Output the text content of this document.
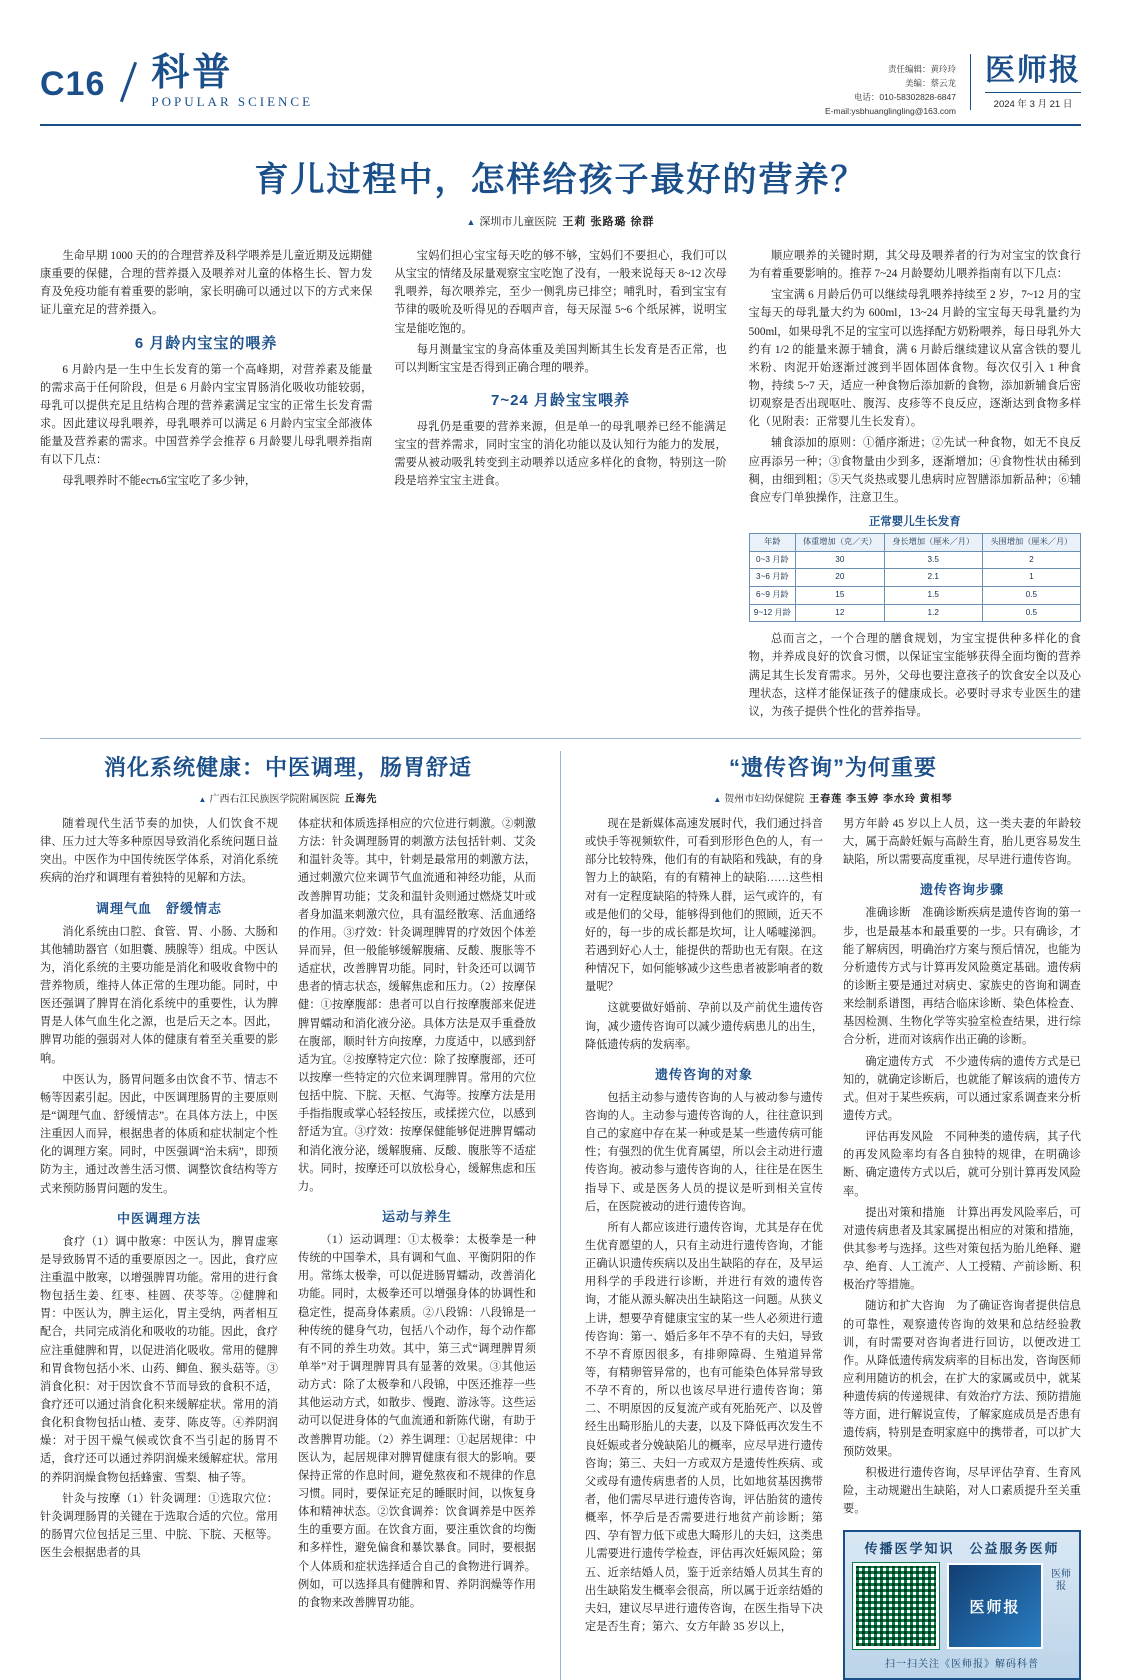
C16 科普
POPULAR SCIENCE
责任编辑：黄玲玲
美编：蔡云龙
电话：010-58302828-6847
E-mail:ysbhuanglingling@163.com
医师报
2024 年 3 月 21 日
育儿过程中，怎样给孩子最好的营养？
▲ 深圳市儿童医院 王莉 张路璐 徐群

生命早期 1000 天的的合理营养及科学喂养是儿童近期及远期健康重要的保健，合理的营养摄入及喂养对儿童的体格生长、智力发育及免疫功能有着重要的影响，家长明确可以通过以下的方式来保证儿童充足的营养摄入。

6 月龄内宝宝的喂养

6 月龄内是一生中生长发育的第一个高峰期，对营养素及能量的需求高于任何阶段，但是 6 月龄内宝宝胃肠消化吸收功能较弱，母乳可以提供充足且结构合理的营养素满足宝宝的正常生长发育需求。因此建议母乳喂养，母乳喂养可以满足 6 月龄内宝宝全部液体能量及营养素的需求。中国营养学会推荐 6 月龄婴儿母乳喂养指南有以下几点：

母乳喂养时不能естьб宝宝吃了多少钟，

宝妈们担心宝宝每天吃的够不够，宝妈们不要担心，我们可以从宝宝的情绪及尿量观察宝宝吃饱了没有，一般来说每天 8~12 次母乳喂养，每次喂养完，至少一侧乳房已排空；哺乳时，看到宝宝有节律的吸吮及听得见的吞咽声音，每天尿湿 5~6 个纸尿裤，说明宝宝是能吃饱的。

每月测量宝宝的身高体重及美国判断其生长发育是否正常，也可以判断宝宝是否得到正确合理的喂养。

7~24 月龄宝宝喂养

母乳仍是重要的营养来源，但是单一的母乳喂养已经不能满足宝宝的营养需求，同时宝宝的消化功能以及认知行为能力的发展，需要从被动吸乳转变到主动喂养以适应多样化的食物，特别这一阶段是培养宝宝主进食。

顺应喂养的关键时期，其父母及喂养者的行为对宝宝的饮食行为有着重要影响的。推荐 7~24 月龄婴幼儿喂养指南有以下几点：

宝宝满 6 月龄后仍可以继续母乳喂养持续至 2 岁，7~12 月的宝宝每天的母乳量大约为 600ml，13~24 月龄的宝宝每天母乳量约为 500ml，如果母乳不足的宝宝可以选择配方奶粉喂养，每日母乳外大约有 1/2 的能量来源于辅食，满 6 月龄后继续建议从富含铁的婴儿米粉、肉泥开始逐渐过渡到半固体固体食物。每次仅引入 1 种食物，持续 5~7 天，适应一种食物后添加新的食物，添加新辅食后密切观察是否出现呕吐、腹泻、皮疹等不良反应，逐渐达到食物多样化（见附表：正常婴儿生长发育）。

辅食添加的原则：①循序渐进；②先试一种食物，如无不良反应再添另一种；③食物量由少到多，逐渐增加；④食物性状由稀到稠，由细到粗；⑤天气炎热或婴儿患病时应智膳添加新品种；⑥辅食应专门单独操作，注意卫生。

正常婴儿生长发育
年龄	体重增加（克／天）	身长增加（厘米／月）	头围增加（厘米／月）
0~3 月龄	30	3.5	2
3~6 月龄	20	2.1	1
6~9 月龄	15	1.5	0.5
9~12 月龄	12	1.2	0.5

总而言之，一个合理的膳食规划，为宝宝提供种多样化的食物，并养成良好的饮食习惯，以保证宝宝能够获得全面均衡的营养满足其生长发育需求。另外，父母也要注意孩子的饮食安全以及心理状态，这样才能保证孩子的健康成长。必要时寻求专业医生的建议，为孩子提供个性化的营养指导。

消化系统健康：中医调理，肠胃舒适
▲ 广西右江民族医学院附属医院 丘海先

随着现代生活节奏的加快，人们饮食不规律、压力过大等多种原因导致消化系统问题日益突出。中医作为中国传统医学体系，对消化系统疾病的治疗和调理有着独特的见解和方法。

调理气血　舒缓情志

消化系统由口腔、食管、胃、小肠、大肠和其他辅助器官（如胆囊、胰腺等）组成。中医认为，消化系统的主要功能是消化和吸收食物中的营养物质，维持人体正常的生理功能。同时，中医还强调了脾胃在消化系统中的重要性，认为脾胃是人体气血生化之源，也是后天之本。因此，脾胃功能的强弱对人体的健康有着至关重要的影响。

中医认为，肠胃问题多由饮食不节、情志不畅等因素引起。因此，中医调理肠胃的主要原则是“调理气血、舒缓情志”。在具体方法上，中医注重因人而异，根据患者的体质和症状制定个性化的调理方案。同时，中医强调“治未病”，即预防为主，通过改善生活习惯、调整饮食结构等方式来预防肠胃问题的发生。

中医调理方法

食疗（1）调中散寒：中医认为，脾胃虚寒是导致肠胃不适的重要原因之一。因此，食疗应注重温中散寒，以增强脾胃功能。常用的进行食物包括生姜、红枣、桂圆、茯苓等。②健脾和胃：中医认为，脾主运化，胃主受纳，两者相互配合，共同完成消化和吸收的功能。因此，食疗应注重健脾和胃，以促进消化吸收。常用的健脾和胃食物包括小米、山药、鲫鱼、猴头菇等。③消食化积：对于因饮食不节而导致的食积不适，食疗还可以通过消食化积来缓解症状。常用的消食化积食物包括山楂、麦芽、陈皮等。④养阴润燥：对于因干燥气候或饮食不当引起的肠胃不适，食疗还可以通过养阴润燥来缓解症状。常用的养阴润燥食物包括蜂蜜、雪梨、柚子等。

针灸与按摩（1）针灸调理：①选取穴位：针灸调理肠胃的关键在于选取合适的穴位。常用的肠胃穴位包括足三里、中脘、下脘、天枢等。医生会根据患者的具

体症状和体质选择相应的穴位进行刺激。②刺激方法：针灸调理肠胃的刺激方法包括针刺、艾灸和温针灸等。其中，针刺是最常用的刺激方法，通过刺激穴位来调节气血流通和神经功能，从而改善脾胃功能；艾灸和温针灸则通过燃烧艾叶或者身加温来刺激穴位，具有温经散寒、活血通络的作用。③疗效：针灸调理脾胃的疗效因个体差异而异，但一般能够缓解腹痛、反酸、腹胀等不适症状，改善脾胃功能。同时，针灸还可以调节患者的情志状态，缓解焦虑和压力。（2）按摩保健：①按摩腹部：患者可以自行按摩腹部来促进脾胃蠕动和消化液分泌。具体方法是双手重叠放在腹部，顺时针方向按摩，力度适中，以感到舒适为宜。②按摩特定穴位：除了按摩腹部，还可以按摩一些特定的穴位来调理脾胃。常用的穴位包括中脘、下脘、天枢、气海等。按摩方法是用手指指腹或掌心轻轻按压，或揉搓穴位，以感到舒适为宜。③疗效：按摩保健能够促进脾胃蠕动和消化液分泌，缓解腹痛、反酸、腹胀等不适症状。同时，按摩还可以放松身心，缓解焦虑和压力。

运动与养生

（1）运动调理：①太极拳：太极拳是一种传统的中国拳术，具有调和气血、平衡阴阳的作用。常练太极拳，可以促进肠胃蠕动，改善消化功能。同时，太极拳还可以增强身体的协调性和稳定性，提高身体素质。②八段锦：八段锦是一种传统的健身气功，包括八个动作，每个动作都有不同的养生功效。其中，第三式“调理脾胃须单举”对于调理脾胃具有显著的效果。③其他运动方式：除了太极拳和八段锦，中医还推荐一些其他运动方式，如散步、慢跑、游泳等。这些运动可以促进身体的气血流通和新陈代谢，有助于改善脾胃功能。（2）养生调理：①起居规律：中医认为，起居规律对脾胃健康有很大的影响。要保持正常的作息时间，避免熬夜和不规律的作息习惯。同时，要保证充足的睡眠时间，以恢复身体和精神状态。②饮食调养：饮食调养是中医养生的重要方面。在饮食方面，要注重饮食的均衡和多样性，避免偏食和暴饮暴食。同时，要根据个人体质和症状选择适合自己的食物进行调养。例如，可以选择具有健脾和胃、养阴润燥等作用的食物来改善脾胃功能。

“遗传咨询”为何重要
▲ 贺州市妇幼保健院 王春莲 李玉婷 李水玲 黄相琴

现在是新媒体高速发展时代，我们通过抖音或快手等视频软件，可看到形形色色的人，有一部分比较特殊，他们有的有缺陷和残缺，有的身智力上的缺陷，有的有精神上的缺陷……这些相对有一定程度缺陷的特殊人群，运气或许的，有或是他们的父母，能够得到他们的照顾，近天不好的，每一步的成长都是坎坷，让人唏嘘涕泗。若遇到好心人士，能提供的帮助也无有限。在这种情况下，如何能够减少这些患者被影响者的数量呢？

这就要做好婚前、孕前以及产前优生遗传咨询，减少遗传咨询可以减少遗传病患儿的出生，降低遗传病的发病率。

遗传咨询的对象

包括主动参与遗传咨询的人与被动参与遗传咨询的人。主动参与遗传咨询的人，往往意识到自己的家庭中存在某一种或是某一些遗传病可能性；有强烈的优生优育属望，所以会主动进行遗传咨询。被动参与遗传咨询的人，往往是在医生指导下、或是医务人员的提议是听到相关宣传后，在医院被动的进行遗传咨询。

所有人都应该进行遗传咨询，尤其是存在优生优育愿望的人，只有主动进行遗传咨询，才能正确认识遗传疾病以及出生缺陷的存在，及早运用科学的手段进行诊断，并进行有效的遗传咨询，才能从源头解决出生缺陷这一问题。从狭义上讲，想要孕育健康宝宝的某一些人必须进行遗传咨询：第一、婚后多年不孕不有的夫妇，导致不孕不育原因很多，有排卵障碍、生殖道异常等，有精卵管异常的，也有可能染色体异常导致不孕不育的，所以也该尽早进行遗传咨询；第二、不明原因的反复流产或有死胎死产、以及曾经生出畸形胎儿的夫妻，以及下降低再次发生不良妊娠或者分娩缺陷儿的概率，应尽早进行遗传咨询；第三、夫妇一方或双方是遗传性疾病、或父或母有遗传病患者的人员，比如地贫基因携带者，他们需尽早进行遗传咨询，评估胎贫的遗传概率，怀孕后是否需要进行地贫产前诊断；第四、孕有智力低下或患大畸形儿的夫妇，这类患儿需要进行遗传学检查，评估再次妊娠风险；第五、近亲结婚人员，鉴于近亲结婚人员其生育的出生缺陷发生概率会很高，所以属于近亲结婚的夫妇，建议尽早进行遗传咨询，在医生指导下决定是否生育；第六、女方年龄 35 岁以上，

男方年龄 45 岁以上人员，这一类夫妻的年龄较大，属于高龄妊娠与高龄生育，胎儿更容易发生缺陷，所以需要高度重视，尽早进行遗传咨询。

遗传咨询步骤

准确诊断　准确诊断疾病是遗传咨询的第一步，也是最基本和最重要的一步。只有确诊，才能了解病因，明确治疗方案与预后情况，也能为分析遗传方式与计算再发风险奠定基础。遗传病的诊断主要是通过对病史、家族史的咨询和调查来绘制系谱图，再结合临床诊断、染色体检查、基因检测、生物化学等实验室检查结果，进行综合分析，进而对该病作出正确的诊断。

确定遗传方式　不少遗传病的遗传方式是已知的，就确定诊断后，也就能了解该病的遗传方式。但对于某些疾病，可以通过家系调查来分析遗传方式。

评估再发风险　不同种类的遗传病，其子代的再发风险率均有各自独特的规律，在明确诊断、确定遗传方式以后，就可分别计算再发风险率。

提出对策和措施　计算出再发风险率后，可对遗传病患者及其家属提出相应的对策和措施，供其参考与选择。这些对策包括为胎儿绝释、避孕、绝育、人工流产、人工授精、产前诊断、积极治疗等措施。

随访和扩大咨询　为了确证咨询者提供信息的可靠性，观察遗传咨询的效果和总结经验教训，有时需要对咨询者进行回访，以便改进工作。从降低遗传病发病率的目标出发，咨询医师应利用随访的机会，在扩大的家属或员中，就某种遗传病的传递规律、有效治疗方法、预防措施等方面，进行解说宣传，了解家庭成员是否患有遗传病，特别是查明家庭中的携带者，可以扩大预防效果。

积极进行遗传咨询，尽早评估孕育、生育风险，主动规避出生缺陷，对人口素质提升至关重要。

传播医学知识　公益服务医师
医师报
医师报
扫一扫关注《医师报》解码科普
